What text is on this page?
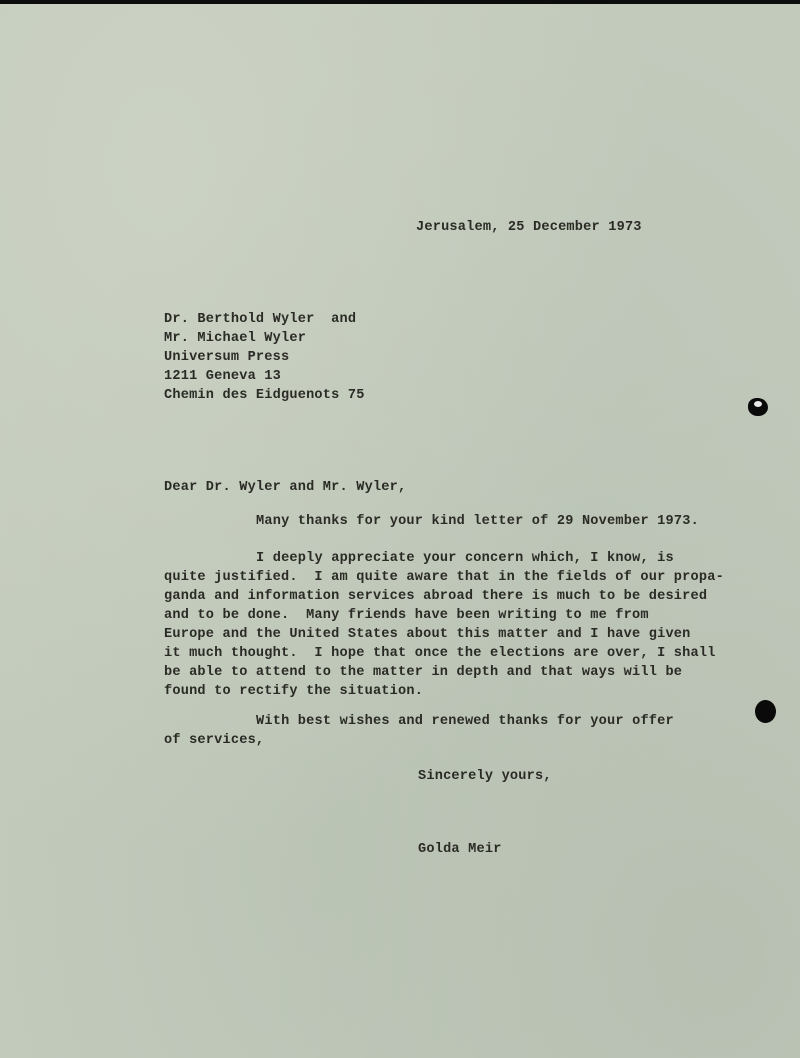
Jerusalem, 25 December 1973

Dr. Berthold Wyler  and

Mr. Michael Wyler

Universum Press

1211 Geneva 13

Chemin des Eidguenots 75

Dear Dr. Wyler and Mr. Wyler,

Many thanks for your kind letter of 29 November 1973.

I deeply appreciate your concern which, I know, is

quite justified.  I am quite aware that in the fields of our propa-

ganda and information services abroad there is much to be desired

and to be done.  Many friends have been writing to me from

Europe and the United States about this matter and I have given

it much thought.  I hope that once the elections are over, I shall

be able to attend to the matter in depth and that ways will be

found to rectify the situation.

With best wishes and renewed thanks for your offer

of services,

Sincerely yours,

Golda Meir
